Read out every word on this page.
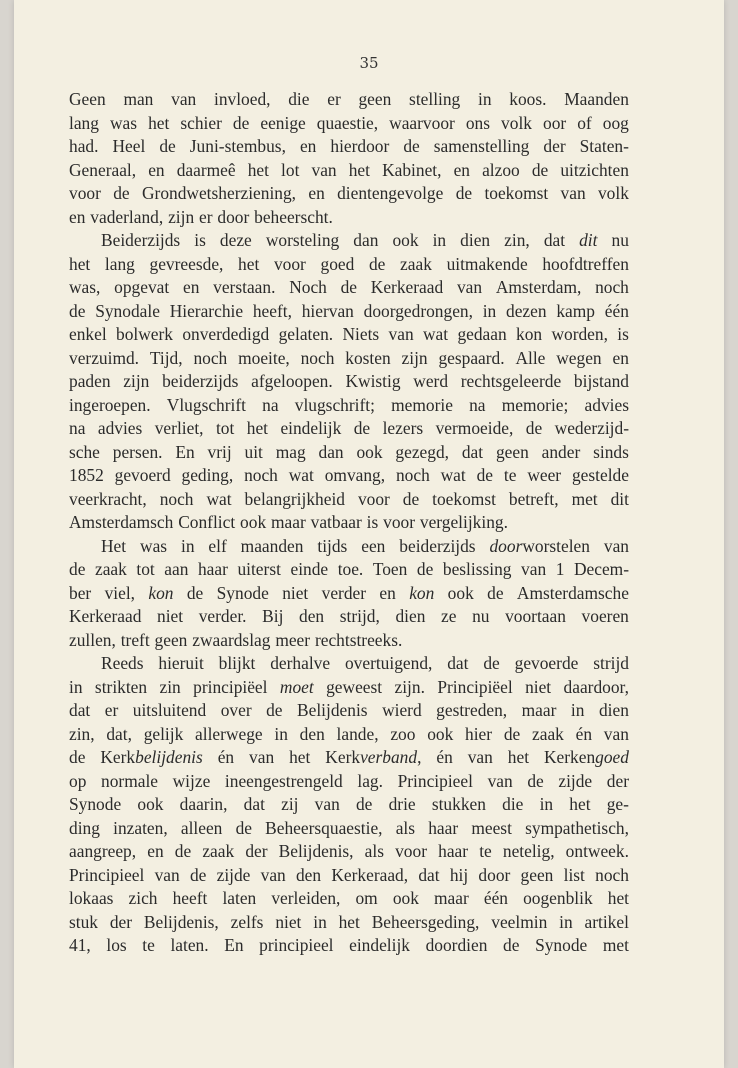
35
Geen man van invloed, die er geen stelling in koos. Maanden
lang was het schier de eenige quaestie, waarvoor ons volk oor of oog
had. Heel de Juni-stembus, en hierdoor de samenstelling der Staten-
Generaal, en daarmeê het lot van het Kabinet, en alzoo de uitzichten
voor de Grondwetsherziening, en dientengevolge de toekomst van volk
en vaderland, zijn er door beheerscht.
Beiderzijds is deze worsteling dan ook in dien zin, dat dit nu
het lang gevreesde, het voor goed de zaak uitmakende hoofdtreffen
was, opgevat en verstaan. Noch de Kerkeraad van Amsterdam, noch
de Synodale Hierarchie heeft, hiervan doorgedrongen, in dezen kamp één
enkel bolwerk onverdedigd gelaten. Niets van wat gedaan kon worden, is
verzuimd. Tijd, noch moeite, noch kosten zijn gespaard. Alle wegen en
paden zijn beiderzijds afgeloopen. Kwistig werd rechtsgeleerde bijstand
ingeroepen. Vlugschrift na vlugschrift; memorie na memorie; advies
na advies verliet, tot het eindelijk de lezers vermoeide, de wederzijd-
sche persen. En vrij uit mag dan ook gezegd, dat geen ander sinds
1852 gevoerd geding, noch wat omvang, noch wat de te weer gestelde
veerkracht, noch wat belangrijkheid voor de toekomst betreft, met dit
Amsterdamsch Conflict ook maar vatbaar is voor vergelijking.
Het was in elf maanden tijds een beiderzijds doorworstelen van
de zaak tot aan haar uiterst einde toe. Toen de beslissing van 1 Decem-
ber viel, kon de Synode niet verder en kon ook de Amsterdamsche
Kerkeraad niet verder. Bij den strijd, dien ze nu voortaan voeren
zullen, treft geen zwaardslag meer rechtstreeks.
Reeds hieruit blijkt derhalve overtuigend, dat de gevoerde strijd
in strikten zin principiëel moet geweest zijn. Principiëel niet daardoor,
dat er uitsluitend over de Belijdenis wierd gestreden, maar in dien
zin, dat, gelijk allerwege in den lande, zoo ook hier de zaak én van
de Kerkbelijdenis én van het Kerkverband, én van het Kerkengoed
op normale wijze ineengestrengeld lag. Principieel van de zijde der
Synode ook daarin, dat zij van de drie stukken die in het ge-
ding inzaten, alleen de Beheersquaestie, als haar meest sympathetisch,
aangreep, en de zaak der Belijdenis, als voor haar te netelig, ontweek.
Principieel van de zijde van den Kerkeraad, dat hij door geen list noch
lokaas zich heeft laten verleiden, om ook maar één oogenblik het
stuk der Belijdenis, zelfs niet in het Beheersgeding, veelmin in artikel
41, los te laten. En principieel eindelijk doordien de Synode met
